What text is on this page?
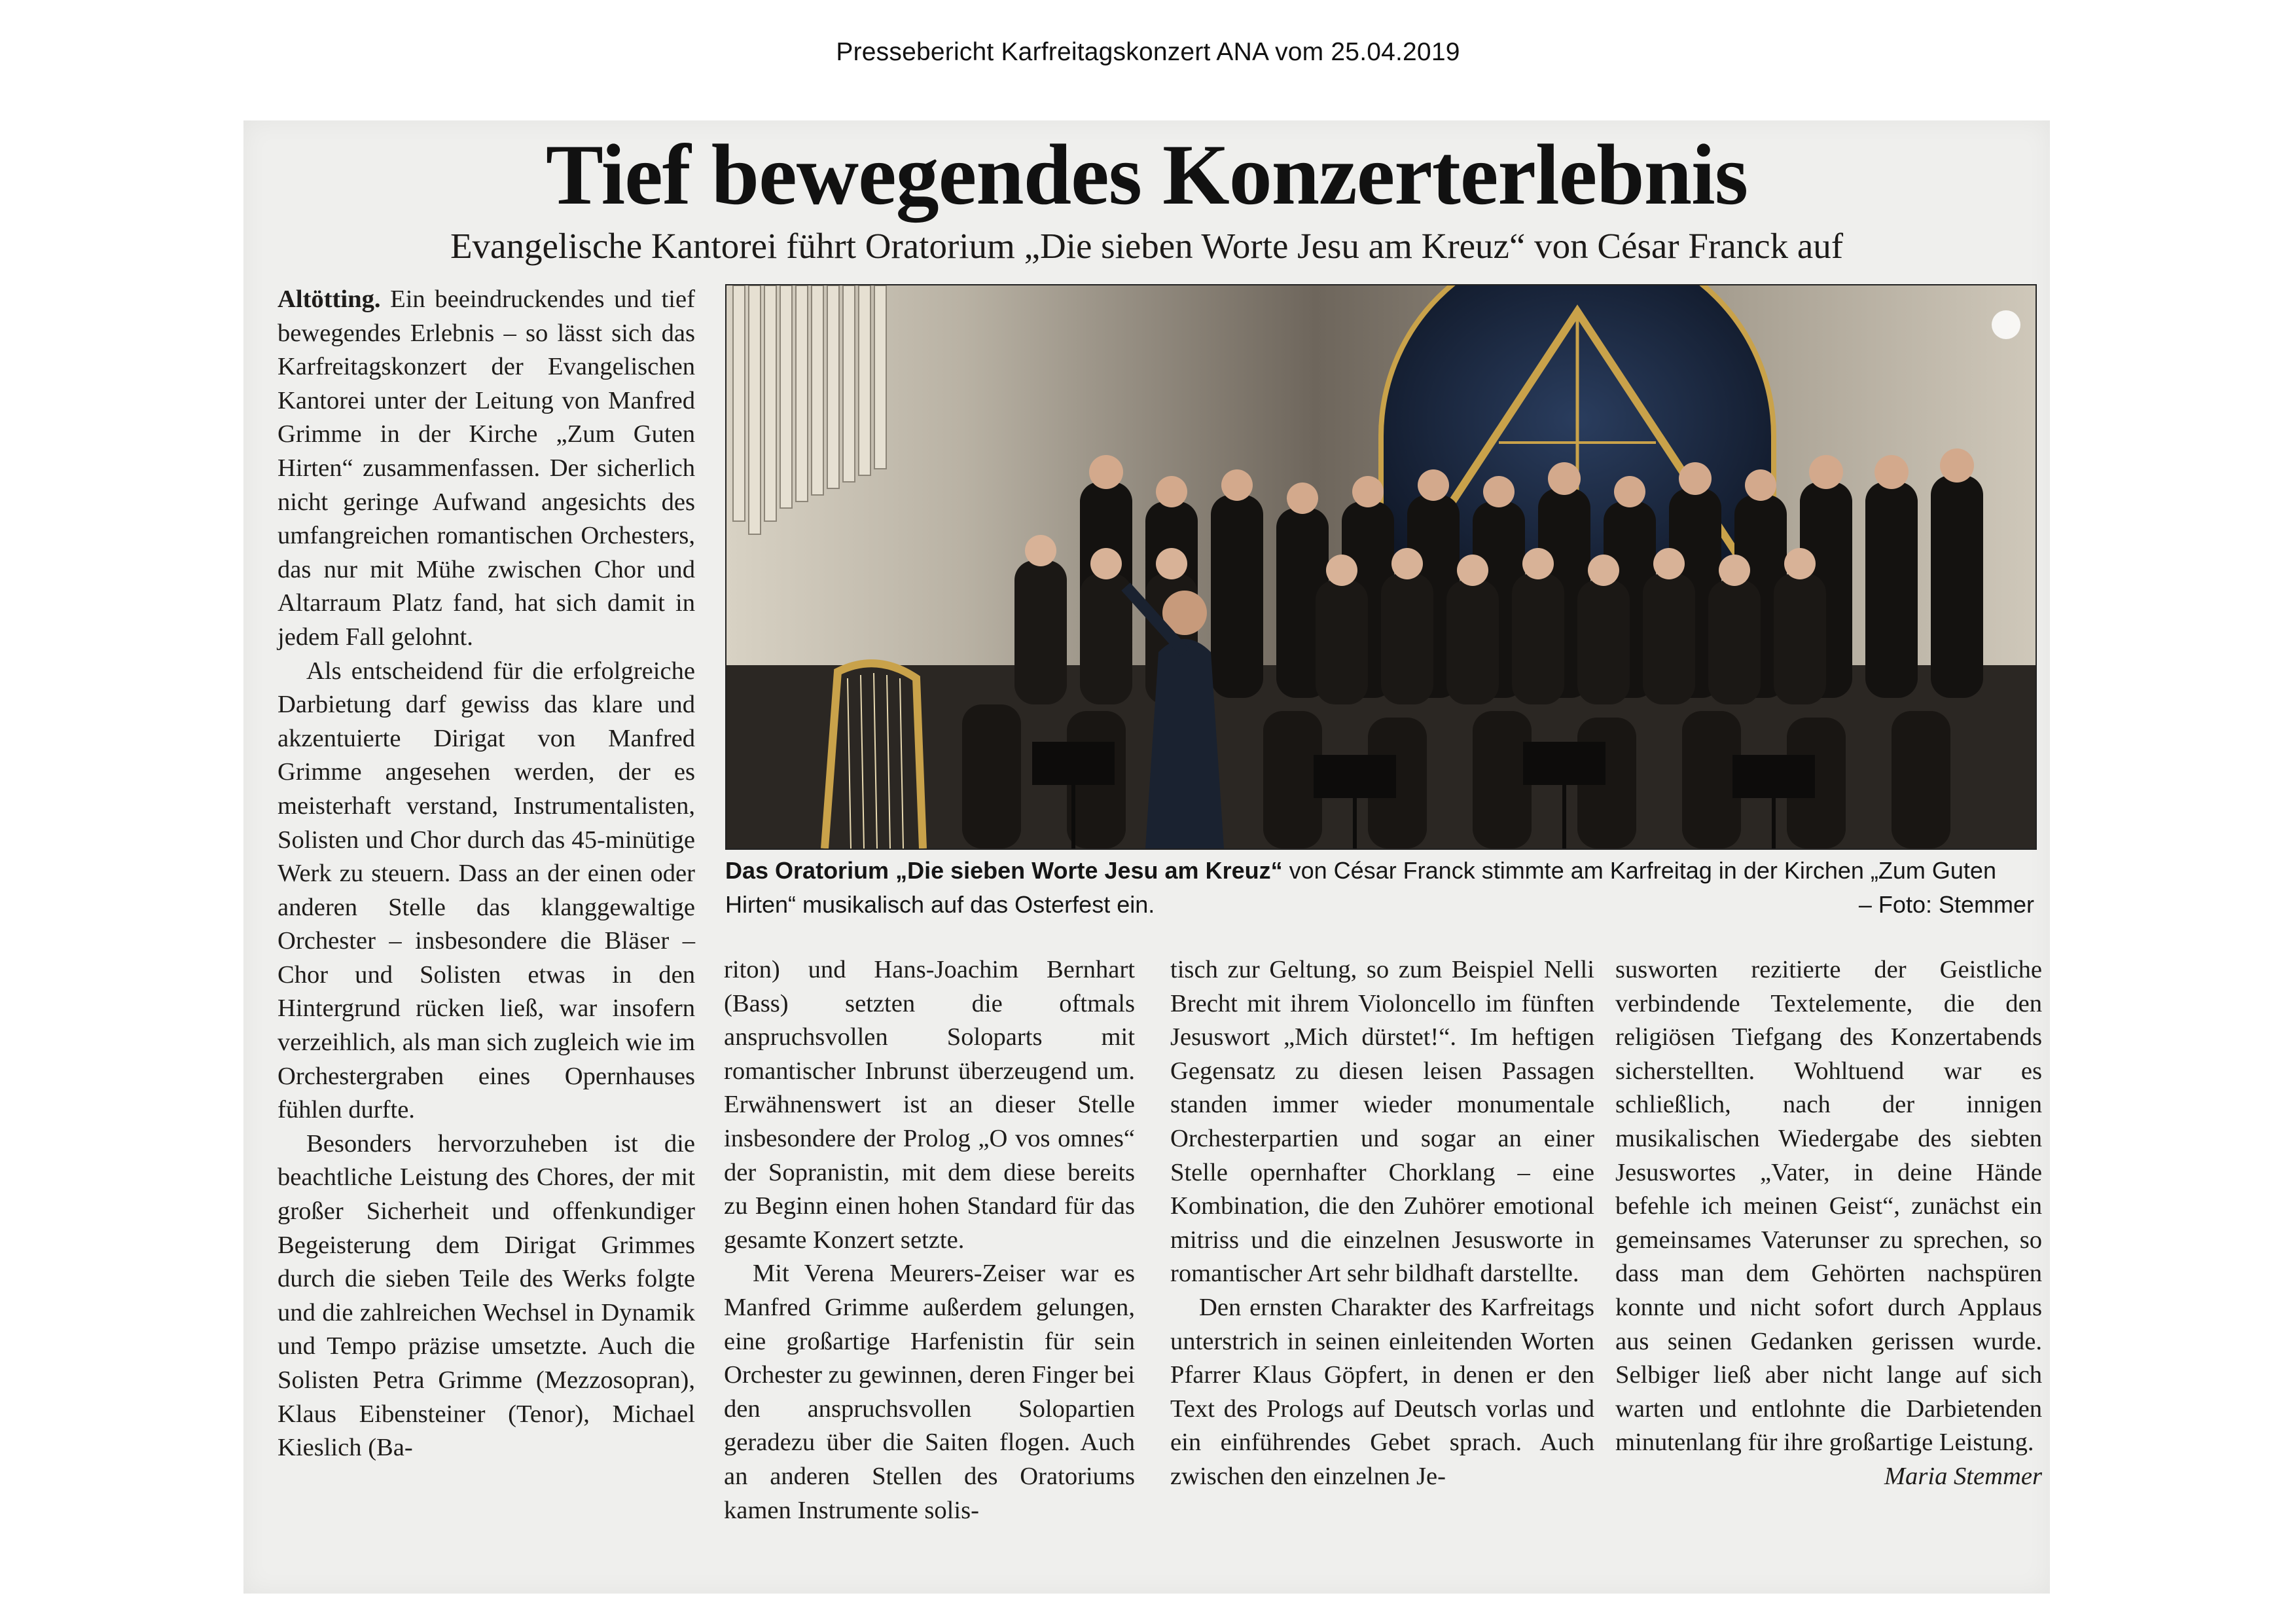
Pressebericht Karfreitagskonzert ANA vom 25.04.2019
Tief bewegendes Konzerterlebnis
Evangelische Kantorei führt Oratorium „Die sieben Worte Jesu am Kreuz“ von César Franck auf

Altötting. Ein beeindruckendes und tief bewegendes Erlebnis – so lässt sich das Karfreitagskonzert der Evangelischen Kantorei unter der Leitung von Manfred Grimme in der Kirche „Zum Guten Hirten“ zusammenfassen. Der sicherlich nicht geringe Aufwand angesichts des umfangreichen romantischen Orchesters, das nur mit Mühe zwischen Chor und Altarraum Platz fand, hat sich damit in jedem Fall gelohnt.

Als entscheidend für die erfolgreiche Darbietung darf gewiss das klare und akzentuierte Dirigat von Manfred Grimme angesehen werden, der es meisterhaft verstand, Instrumentalisten, Solisten und Chor durch das 45-minütige Werk zu steuern. Dass an der einen oder anderen Stelle das klanggewaltige Orchester – insbesondere die Bläser – Chor und Solisten etwas in den Hintergrund rücken ließ, war insofern verzeihlich, als man sich zugleich wie im Orchestergraben eines Opernhauses fühlen durfte.

Besonders hervorzuheben ist die beachtliche Leistung des Chores, der mit großer Sicherheit und offenkundiger Begeisterung dem Dirigat Grimmes durch die sieben Teile des Werks folgte und die zahlreichen Wechsel in Dynamik und Tempo präzise umsetzte. Auch die Solisten Petra Grimme (Mezzosopran), Klaus Eibensteiner (Tenor), Michael Kieslich (Ba-

Das Oratorium „Die sieben Worte Jesu am Kreuz“ von César Franck stimmte am Karfreitag in der Kirchen „Zum Guten Hirten“ musikalisch auf das Osterfest ein.	– Foto: Stemmer

riton) und Hans-Joachim Bernhart (Bass) setzten die oftmals anspruchsvollen Soloparts mit romantischer Inbrunst überzeugend um. Erwähnenswert ist an dieser Stelle insbesondere der Prolog „O vos omnes“ der Sopranistin, mit dem diese bereits zu Beginn einen hohen Standard für das gesamte Konzert setzte.

Mit Verena Meurers-Zeiser war es Manfred Grimme außerdem gelungen, eine großartige Harfenistin für sein Orchester zu gewinnen, deren Finger bei den anspruchsvollen Solopartien geradezu über die Saiten flogen. Auch an anderen Stellen des Oratoriums kamen Instrumente solis-

tisch zur Geltung, so zum Beispiel Nelli Brecht mit ihrem Violoncello im fünften Jesuswort „Mich dürstet!“. Im heftigen Gegensatz zu diesen leisen Passagen standen immer wieder monumentale Orchesterpartien und sogar an einer Stelle opernhafter Chorklang – eine Kombination, die den Zuhörer emotional mitriss und die einzelnen Jesusworte in romantischer Art sehr bildhaft darstellte.

Den ernsten Charakter des Karfreitags unterstrich in seinen einleitenden Worten Pfarrer Klaus Göpfert, in denen er den Text des Prologs auf Deutsch vorlas und ein einführendes Gebet sprach. Auch zwischen den einzelnen Je-

susworten rezitierte der Geistliche verbindende Textelemente, die den religiösen Tiefgang des Konzertabends sicherstellten. Wohltuend war es schließlich, nach der innigen musikalischen Wiedergabe des siebten Jesuswortes „Vater, in deine Hände befehle ich meinen Geist“, zunächst ein gemeinsames Vaterunser zu sprechen, so dass man dem Gehörten nachspüren konnte und nicht sofort durch Applaus aus seinen Gedanken gerissen wurde. Selbiger ließ aber nicht lange auf sich warten und entlohnte die Darbietenden minutenlang für ihre großartige Leistung.

Maria Stemmer
